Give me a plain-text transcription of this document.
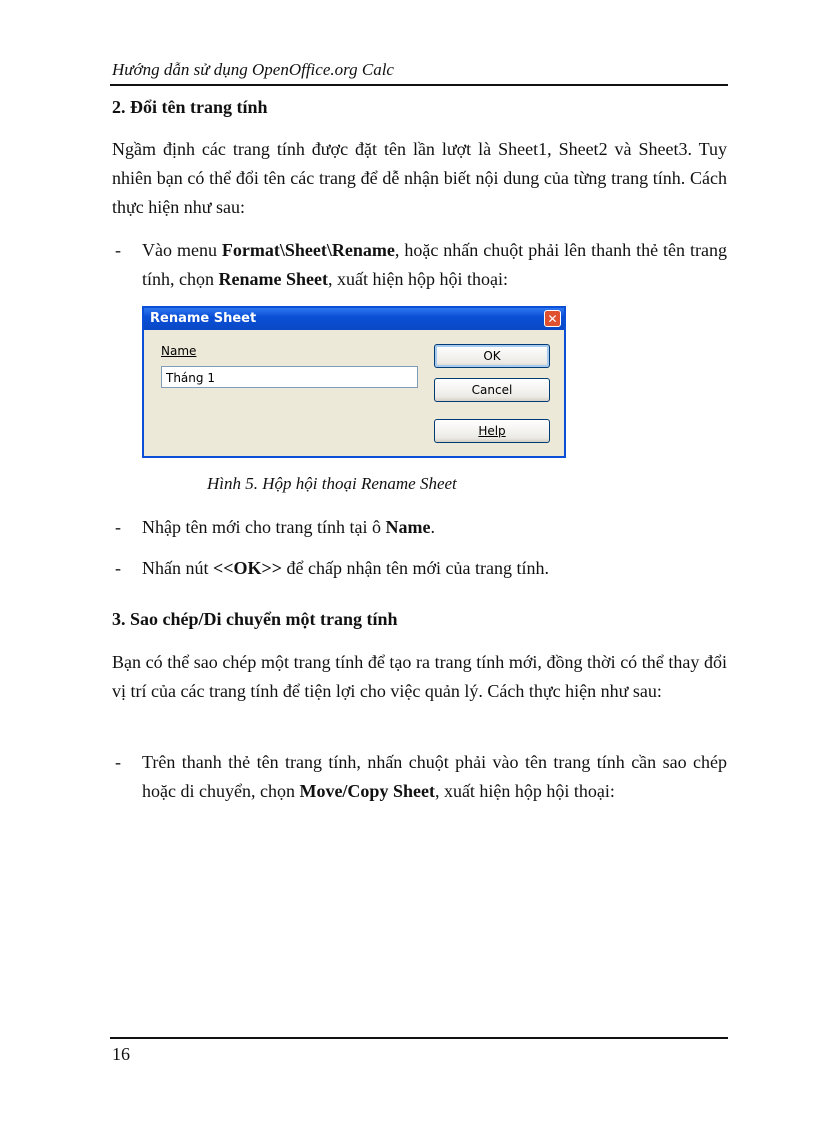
Hướng dẫn sử dụng OpenOffice.org Calc
2. Đổi tên trang tính

Ngầm định các trang tính được đặt tên lần lượt là Sheet1, Sheet2 và Sheet3. Tuy nhiên bạn có thể đổi tên các trang để dễ nhận biết nội dung của từng trang tính. Cách thực hiện như sau:

- Vào menu Format\Sheet\Rename, hoặc nhấn chuột phải lên thanh thẻ tên trang tính, chọn Rename Sheet, xuất hiện hộp hội thoại:
Rename Sheet	✕
Name
Tháng 1
OK
Cancel
Help
Hình 5. Hộp hội thoại Rename Sheet
- Nhập tên mới cho trang tính tại ô Name.
- Nhấn nút <<OK>> để chấp nhận tên mới của trang tính.
3. Sao chép/Di chuyển một trang tính

Bạn có thể sao chép một trang tính để tạo ra trang tính mới, đồng thời có thể thay đổi vị trí của các trang tính để tiện lợi cho việc quản lý. Cách thực hiện như sau:

- Trên thanh thẻ tên trang tính, nhấn chuột phải vào tên trang tính cần sao chép hoặc di chuyển, chọn Move/Copy Sheet, xuất hiện hộp hội thoại:
16
